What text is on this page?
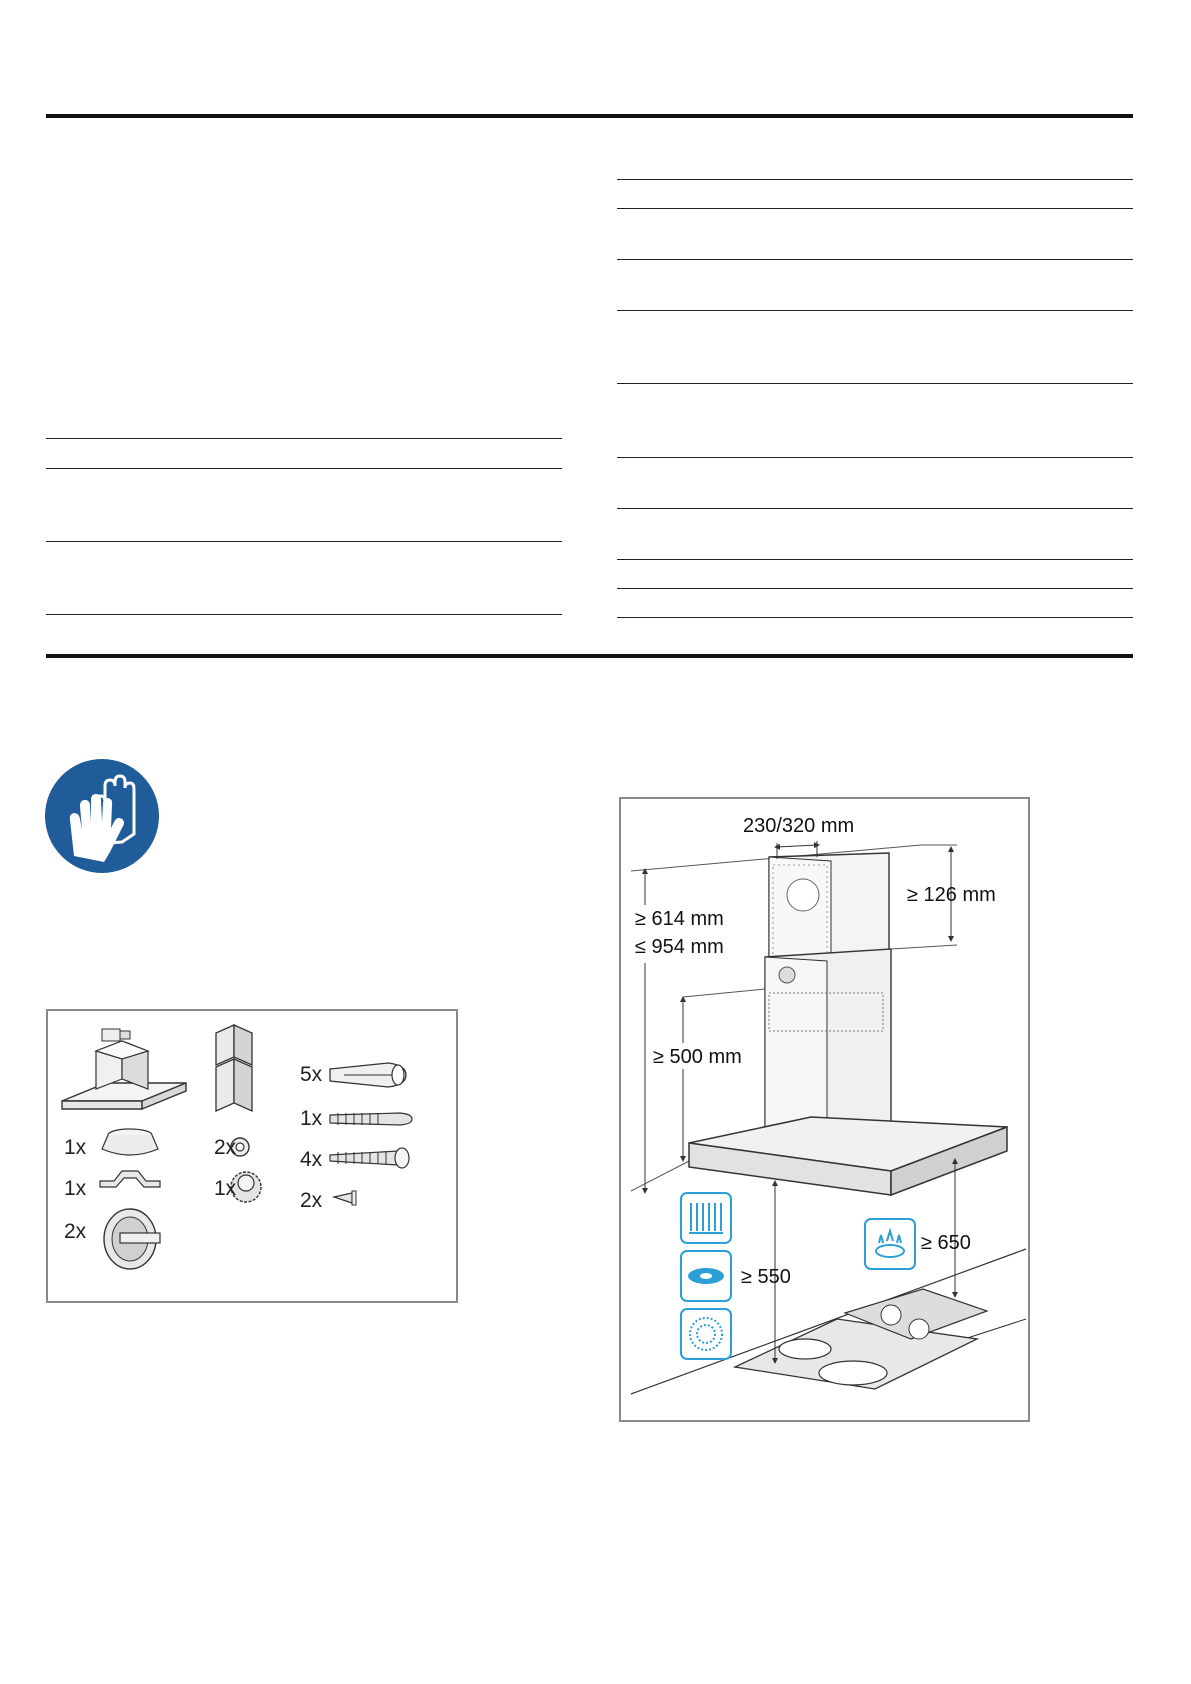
1x
1x
2x
2x
1x
5x
1x
4x
2x
230/320 mm
≥ 126 mm
≥ 614 mm
≤ 954 mm
≥ 500 mm
≥ 550
≥ 650
